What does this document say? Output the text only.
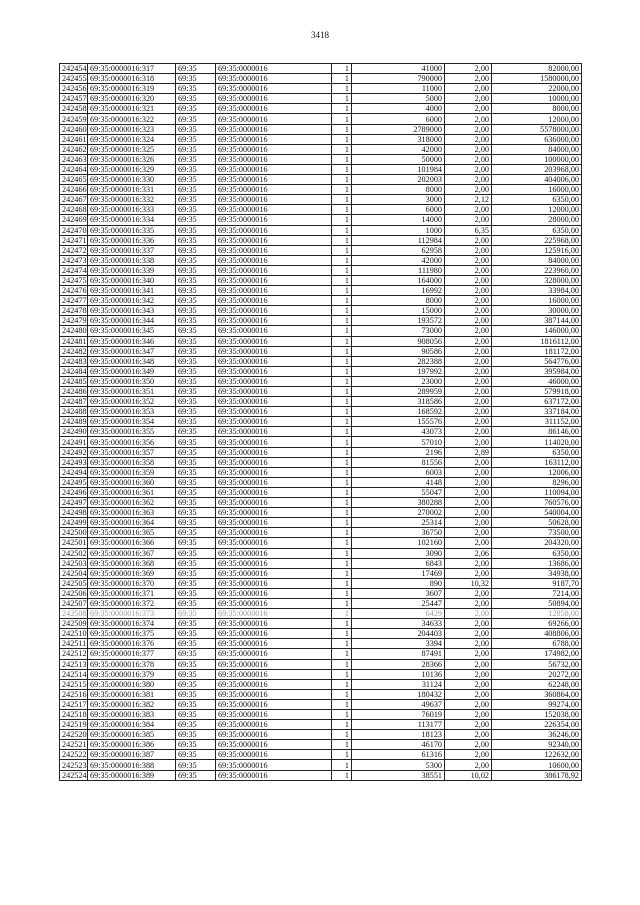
3418
242454	69:35:0000016:317	69:35	69:35:0000016	1	41000	2,00	82000,00
242455	69:35:0000016:318	69:35	69:35:0000016	1	790000	2,00	1580000,00
242456	69:35:0000016:319	69:35	69:35:0000016	1	11000	2,00	22000,00
242457	69:35:0000016:320	69:35	69:35:0000016	1	5000	2,00	10000,00
242458	69:35:0000016:321	69:35	69:35:0000016	1	4000	2,00	8000,00
242459	69:35:0000016:322	69:35	69:35:0000016	1	6000	2,00	12000,00
242460	69:35:0000016:323	69:35	69:35:0000016	1	2789000	2,00	5578000,00
242461	69:35:0000016:324	69:35	69:35:0000016	1	318000	2,00	636000,00
242462	69:35:0000016:325	69:35	69:35:0000016	1	42000	2,00	84000,00
242463	69:35:0000016:326	69:35	69:35:0000016	1	50000	2,00	100000,00
242464	69:35:0000016:329	69:35	69:35:0000016	1	101984	2,00	203968,00
242465	69:35:0000016:330	69:35	69:35:0000016	1	202003	2,00	404006,00
242466	69:35:0000016:331	69:35	69:35:0000016	1	8000	2,00	16000,00
242467	69:35:0000016:332	69:35	69:35:0000016	1	3000	2,12	6350,00
242468	69:35:0000016:333	69:35	69:35:0000016	1	6000	2,00	12000,00
242469	69:35:0000016:334	69:35	69:35:0000016	1	14000	2,00	28000,00
242470	69:35:0000016:335	69:35	69:35:0000016	1	1000	6,35	6350,00
242471	69:35:0000016:336	69:35	69:35:0000016	1	112984	2,00	225968,00
242472	69:35:0000016:337	69:35	69:35:0000016	1	62958	2,00	125916,00
242473	69:35:0000016:338	69:35	69:35:0000016	1	42000	2,00	84000,00
242474	69:35:0000016:339	69:35	69:35:0000016	1	111980	2,00	223960,00
242475	69:35:0000016:340	69:35	69:35:0000016	1	164000	2,00	328000,00
242476	69:35:0000016:341	69:35	69:35:0000016	1	16992	2,00	33984,00
242477	69:35:0000016:342	69:35	69:35:0000016	1	8000	2,00	16000,00
242478	69:35:0000016:343	69:35	69:35:0000016	1	15000	2,00	30000,00
242479	69:35:0000016:344	69:35	69:35:0000016	1	193572	2,00	387144,00
242480	69:35:0000016:345	69:35	69:35:0000016	1	73000	2,00	146000,00
242481	69:35:0000016:346	69:35	69:35:0000016	1	908056	2,00	1816112,00
242482	69:35:0000016:347	69:35	69:35:0000016	1	90586	2,00	181172,00
242483	69:35:0000016:348	69:35	69:35:0000016	1	282388	2,00	564776,00
242484	69:35:0000016:349	69:35	69:35:0000016	1	197992	2,00	395984,00
242485	69:35:0000016:350	69:35	69:35:0000016	1	23000	2,00	46000,00
242486	69:35:0000016:351	69:35	69:35:0000016	1	289959	2,00	579918,00
242487	69:35:0000016:352	69:35	69:35:0000016	1	318586	2,00	637172,00
242488	69:35:0000016:353	69:35	69:35:0000016	1	168592	2,00	337184,00
242489	69:35:0000016:354	69:35	69:35:0000016	1	155576	2,00	311152,00
242490	69:35:0000016:355	69:35	69:35:0000016	1	43073	2,00	86146,00
242491	69:35:0000016:356	69:35	69:35:0000016	1	57010	2,00	114020,00
242492	69:35:0000016:357	69:35	69:35:0000016	1	2196	2,89	6350,00
242493	69:35:0000016:358	69:35	69:35:0000016	1	81556	2,00	163112,00
242494	69:35:0000016:359	69:35	69:35:0000016	1	6003	2,00	12006,00
242495	69:35:0000016:360	69:35	69:35:0000016	1	4148	2,00	8296,00
242496	69:35:0000016:361	69:35	69:35:0000016	1	55047	2,00	110094,00
242497	69:35:0000016:362	69:35	69:35:0000016	1	380288	2,00	760576,00
242498	69:35:0000016:363	69:35	69:35:0000016	1	270002	2,00	540004,00
242499	69:35:0000016:364	69:35	69:35:0000016	1	25314	2,00	50628,00
242500	69:35:0000016:365	69:35	69:35:0000016	1	36750	2,00	73500,00
242501	69:35:0000016:366	69:35	69:35:0000016	1	102160	2,00	204320,00
242502	69:35:0000016:367	69:35	69:35:0000016	1	3090	2,06	6350,00
242503	69:35:0000016:368	69:35	69:35:0000016	1	6843	2,00	13686,00
242504	69:35:0000016:369	69:35	69:35:0000016	1	17469	2,00	34938,00
242505	69:35:0000016:370	69:35	69:35:0000016	1	890	10,32	9187,70
242506	69:35:0000016:371	69:35	69:35:0000016	1	3607	2,00	7214,00
242507	69:35:0000016:372	69:35	69:35:0000016	1	25447	2,00	50894,00
242508	69:35:0000016:373	69:35	69:35:0000016	1	6429	2,00	12858,00
242509	69:35:0000016:374	69:35	69:35:0000016	1	34633	2,00	69266,00
242510	69:35:0000016:375	69:35	69:35:0000016	1	204403	2,00	408806,00
242511	69:35:0000016:376	69:35	69:35:0000016	1	3394	2,00	6788,00
242512	69:35:0000016:377	69:35	69:35:0000016	1	87491	2,00	174982,00
242513	69:35:0000016:378	69:35	69:35:0000016	1	28366	2,00	56732,00
242514	69:35:0000016:379	69:35	69:35:0000016	1	10136	2,00	20272,00
242515	69:35:0000016:380	69:35	69:35:0000016	1	31124	2,00	62248,00
242516	69:35:0000016:381	69:35	69:35:0000016	1	180432	2,00	360864,00
242517	69:35:0000016:382	69:35	69:35:0000016	1	49637	2,00	99274,00
242518	69:35:0000016:383	69:35	69:35:0000016	1	76019	2,00	152038,00
242519	69:35:0000016:384	69:35	69:35:0000016	1	113177	2,00	226354,00
242520	69:35:0000016:385	69:35	69:35:0000016	1	18123	2,00	36246,00
242521	69:35:0000016:386	69:35	69:35:0000016	1	46170	2,00	92340,00
242522	69:35:0000016:387	69:35	69:35:0000016	1	61316	2,00	122632,00
242523	69:35:0000016:388	69:35	69:35:0000016	1	5300	2,00	10600,00
242524	69:35:0000016:389	69:35	69:35:0000016	1	38551	10,02	386178,92
